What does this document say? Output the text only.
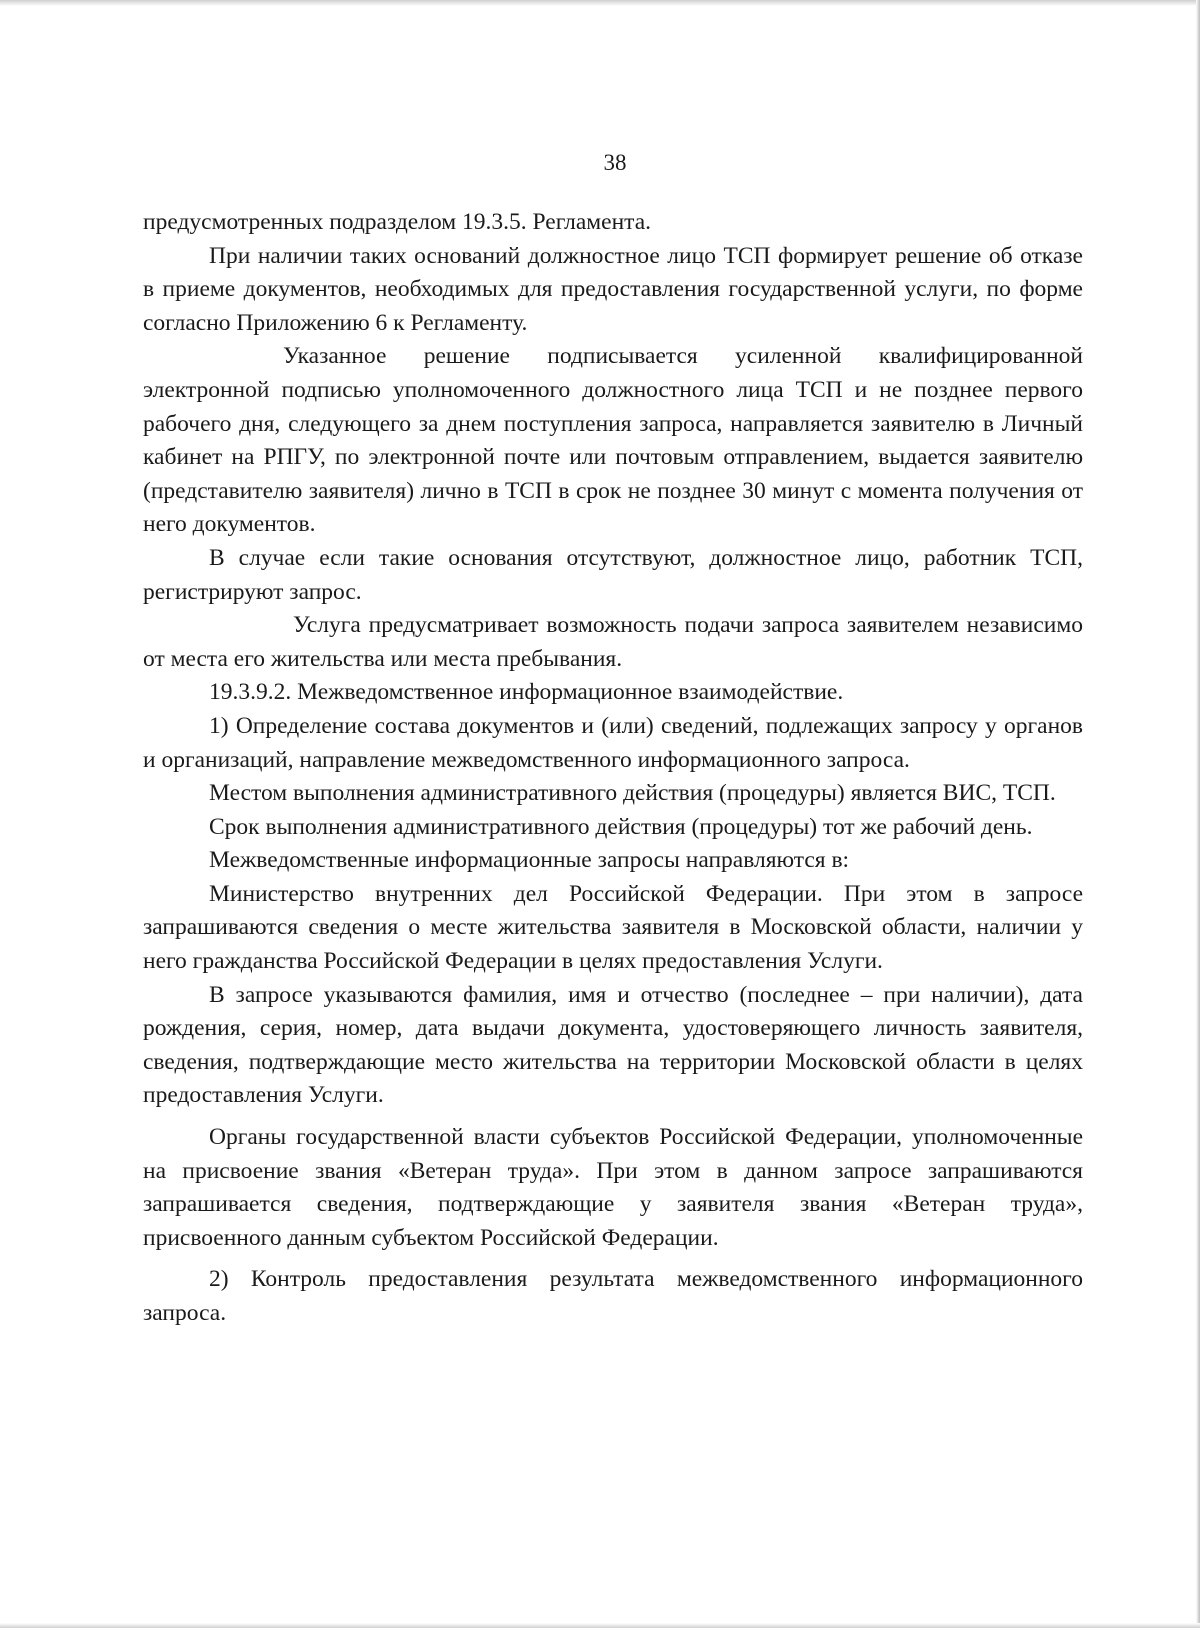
38

предусмотренных подразделом 19.3.5. Регламента.

При наличии таких оснований должностное лицо ТСП формирует решение об отказе в приеме документов, необходимых для предоставления государственной услуги, по форме согласно Приложению 6 к Регламенту.

Указанное решение подписывается усиленной квалифицированной электронной подписью уполномоченного должностного лица ТСП и не позднее первого рабочего дня, следующего за днем поступления запроса, направляется заявителю в Личный кабинет на РПГУ, по электронной почте или почтовым отправлением, выдается заявителю (представителю заявителя) лично в ТСП в срок не позднее 30 минут с момента получения от него документов.

В случае если такие основания отсутствуют, должностное лицо, работник ТСП, регистрируют запрос.

Услуга предусматривает возможность подачи запроса заявителем независимо от места его жительства или места пребывания.

19.3.9.2. Межведомственное информационное взаимодействие.

1) Определение состава документов и (или) сведений, подлежащих запросу у органов и организаций, направление межведомственного информационного запроса.

Местом выполнения административного действия (процедуры) является ВИС, ТСП.

Срок выполнения административного действия (процедуры) тот же рабочий день.

Межведомственные информационные запросы направляются в:

Министерство внутренних дел Российской Федерации. При этом в запросе запрашиваются сведения о месте жительства заявителя в Московской области, наличии у него гражданства Российской Федерации в целях предоставления Услуги.

В запросе указываются фамилия, имя и отчество (последнее – при наличии), дата рождения, серия, номер, дата выдачи документа, удостоверяющего личность заявителя, сведения, подтверждающие место жительства на территории Московской области в целях предоставления Услуги.

Органы государственной власти субъектов Российской Федерации, уполномоченные на присвоение звания «Ветеран труда». При этом в данном запросе запрашиваются запрашивается сведения, подтверждающие у заявителя звания «Ветеран труда», присвоенного данным субъектом Российской Федерации.

2) Контроль предоставления результата межведомственного информационного запроса.
